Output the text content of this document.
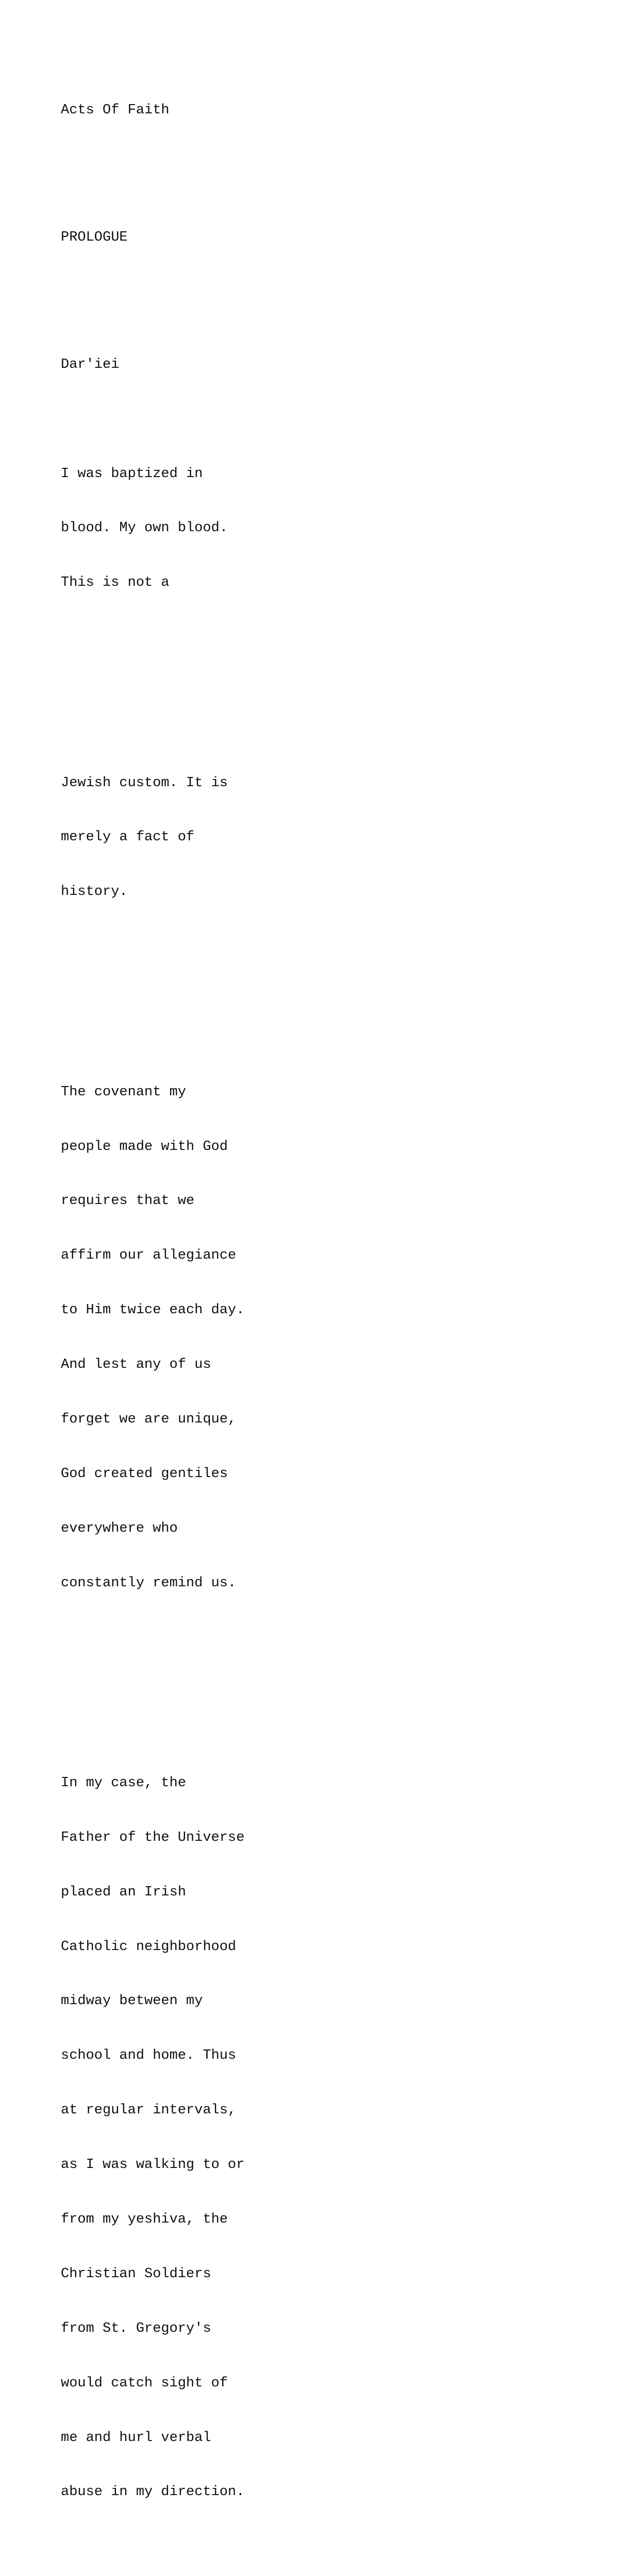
Acts Of Faith

PROLOGUE

Dar'iei

I was baptized in

blood. My own blood.

This is not a

Jewish custom. It is

merely a fact of

history.

The covenant my

people made with God

requires that we

affirm our allegiance

to Him twice each day.

And lest any of us

forget we are unique,

God created gentiles

everywhere who

constantly remind us.

In my case, the

Father of the Universe

placed an Irish

Catholic neighborhood

midway between my

school and home. Thus

at regular intervals,

as I was walking to or

from my yeshiva, the

Christian Soldiers

from St. Gregory's

would catch sight of

me and hurl verbal

abuse in my direction.
